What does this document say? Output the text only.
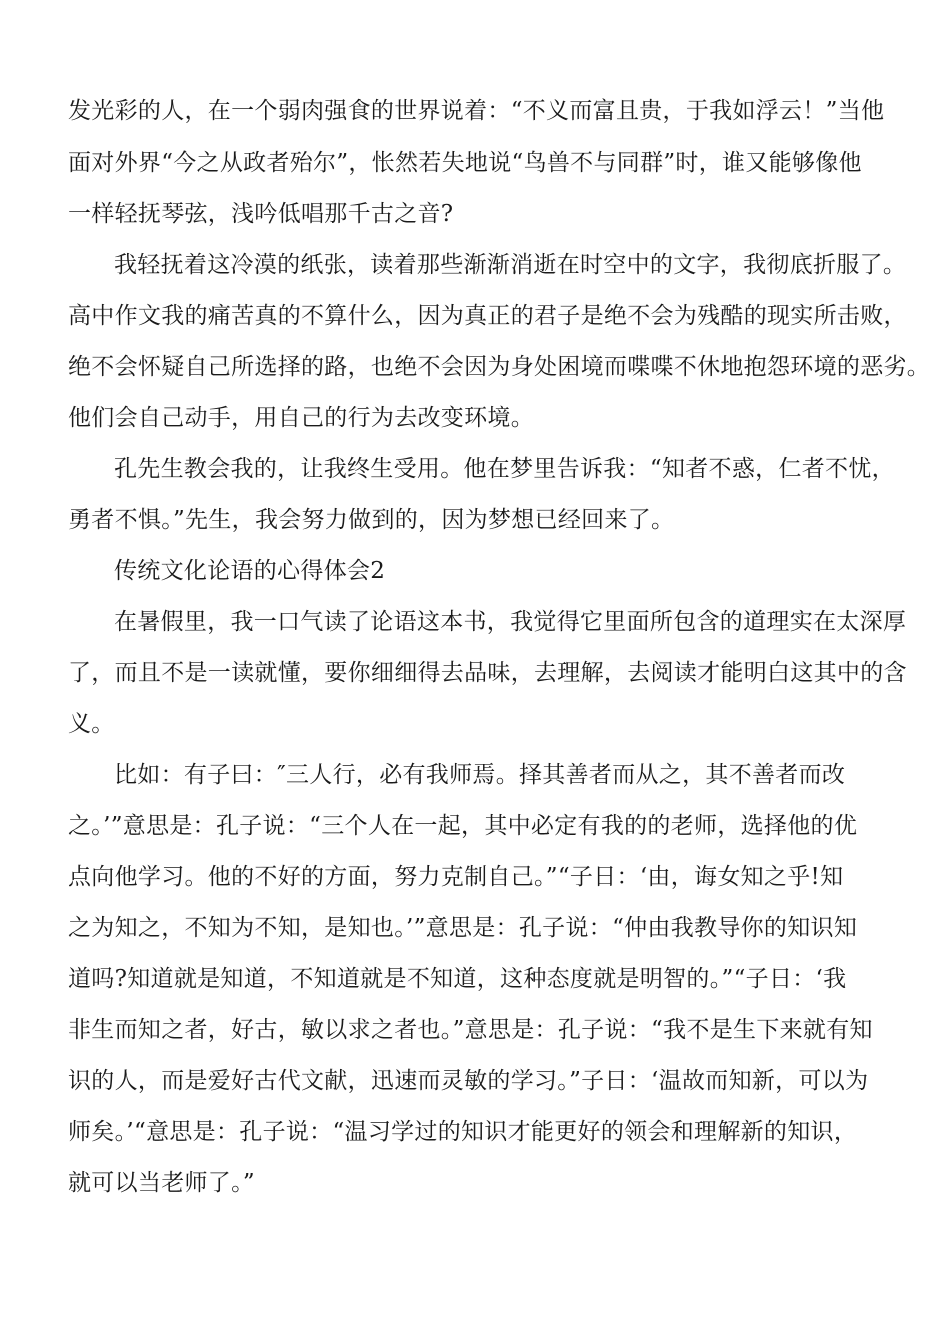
发光彩的人，在一个弱肉强食的世界说着：“不义而富且贵，于我如浮云！”当他
面对外界“今之从政者殆尔”，怅然若失地说“鸟兽不与同群”时，谁又能够像他
一样轻抚琴弦，浅吟低唱那千古之音?
我轻抚着这冷漠的纸张，读着那些渐渐消逝在时空中的文字，我彻底折服了。
高中作文我的痛苦真的不算什么，因为真正的君子是绝不会为残酷的现实所击败，
绝不会怀疑自己所选择的路，也绝不会因为身处困境而喋喋不休地抱怨环境的恶劣。
他们会自己动手，用自己的行为去改变环境。
孔先生教会我的，让我终生受用。他在梦里告诉我：“知者不惑，仁者不忧，
勇者不惧。”先生，我会努力做到的，因为梦想已经回来了。
传统文化论语的心得体会2
在暑假里，我一口气读了论语这本书，我觉得它里面所包含的道理实在太深厚
了，而且不是一读就懂，要你细细得去品味，去理解，去阅读才能明白这其中的含
义。
比如：有子曰：″三人行，必有我师焉。择其善者而从之，其不善者而改
之。’”意思是：孔子说：“三个人在一起，其中必定有我的的老师，选择他的优
点向他学习。他的不好的方面，努力克制自己。”“子日：‘由，诲女知之乎!知
之为知之，不知为不知，是知也。’”意思是：孔子说：“仲由我教导你的知识知
道吗?知道就是知道，不知道就是不知道，这种态度就是明智的。”“子日：‘我
非生而知之者，好古，敏以求之者也。”意思是：孔子说：“我不是生下来就有知
识的人，而是爱好古代文献，迅速而灵敏的学习。”子日：‘温故而知新，可以为
师矣。’“意思是：孔子说：“温习学过的知识才能更好的领会和理解新的知识，
就可以当老师了。”
